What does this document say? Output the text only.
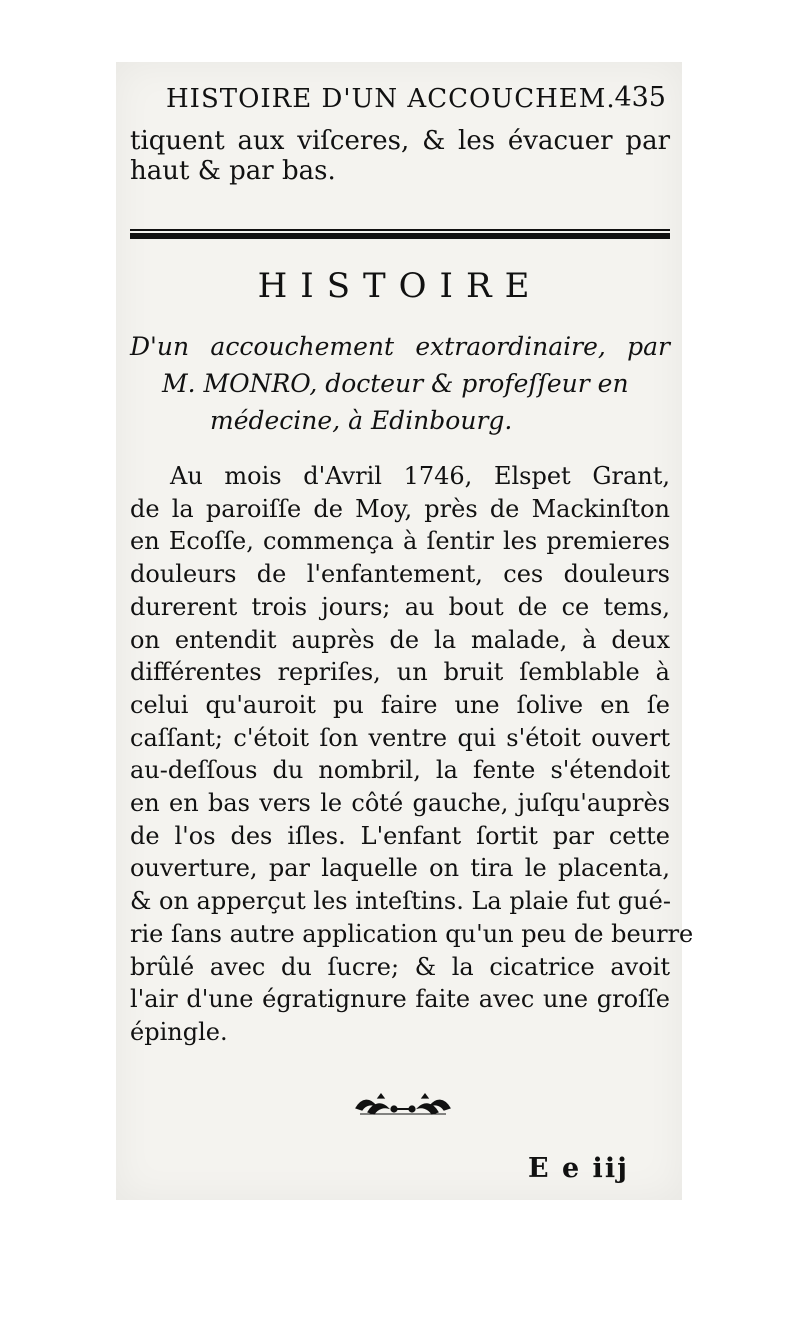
HISTOIRE D'UN ACCOUCHEM.
435
tiquent aux viſceres, & les évacuer par
haut & par bas.
HISTOIRE
D'un accouchement extraordinaire, par
M. MONRO, docteur & profeſſeur en
médecine, à Edinbourg.
Au mois d'Avril 1746, Elspet Grant,
de la paroiſſe de Moy, près de Mackinſton
en Ecoſſe, commença à ſentir les premieres
douleurs de l'enfantement, ces douleurs
durerent trois jours; au bout de ce tems,
on entendit auprès de la malade, à deux
différentes repriſes, un bruit ſemblable à
celui qu'auroit pu faire une ſolive en ſe
caſſant; c'étoit ſon ventre qui s'étoit ouvert
au-deſſous du nombril, la fente s'étendoit
en en bas vers le côté gauche, juſqu'auprès
de l'os des iſles. L'enfant ſortit par cette
ouverture, par laquelle on tira le placenta,
& on apperçut les inteſtins. La plaie fut gué-
rie ſans autre application qu'un peu de beurre
brûlé avec du ſucre; & la cicatrice avoit
l'air d'une égratignure faite avec une groſſe
épingle.
E e iij
